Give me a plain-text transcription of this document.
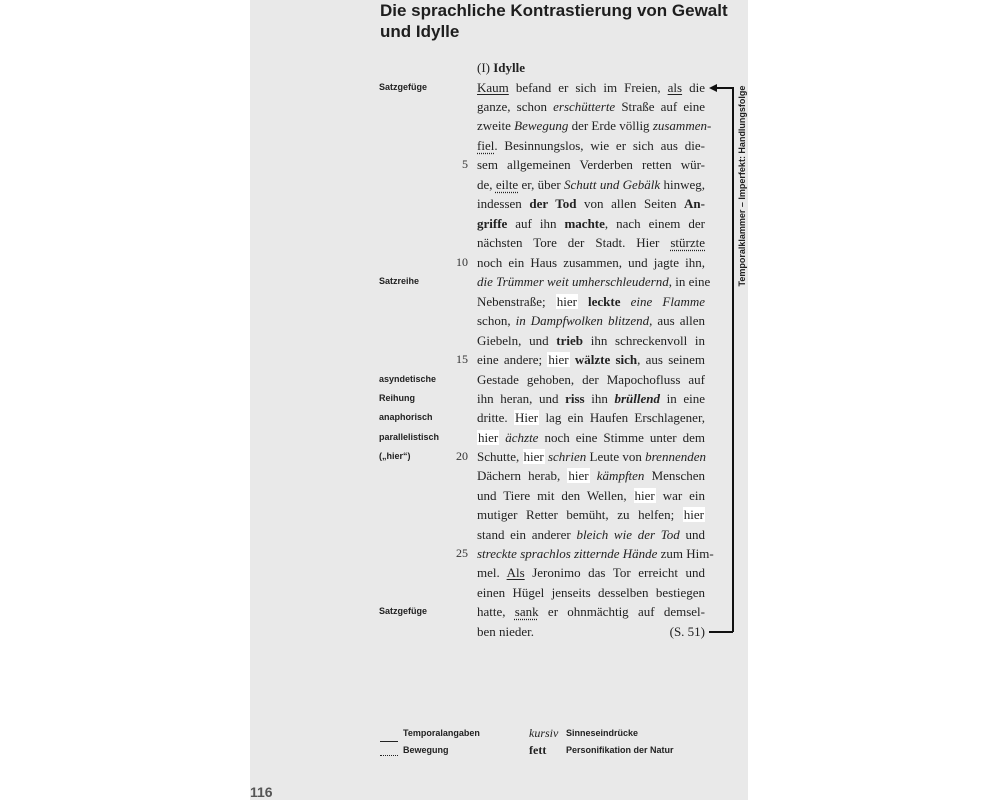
Die sprachliche Kontrastierung von Gewalt und Idylle
(I) Idylle
Kaum befand er sich im Freien, als die
ganze, schon erschütterte Straße auf eine
zweite Bewegung der Erde völlig zusammen-
fiel. Besinnungslos, wie er sich aus die-
sem allgemeinen Verderben retten wür-
de, eilte er, über Schutt und Gebälk hinweg,
indessen der Tod von allen Seiten An-
griffe auf ihn machte, nach einem der
nächsten Tore der Stadt. Hier stürzte
noch ein Haus zusammen, und jagte ihn,
die Trümmer weit umherschleudernd, in eine
Nebenstraße; hier leckte eine Flamme
schon, in Dampfwolken blitzend, aus allen
Giebeln, und trieb ihn schreckenvoll in
eine andere; hier wälzte sich, aus seinem
Gestade gehoben, der Mapochofluss auf
ihn heran, und riss ihn brüllend in eine
dritte. Hier lag ein Haufen Erschlagener,
hier ächzte noch eine Stimme unter dem
Schutte, hier schrien Leute von brennenden
Dächern herab, hier kämpften Menschen
und Tiere mit den Wellen, hier war ein
mutiger Retter bemüht, zu helfen; hier
stand ein anderer bleich wie der Tod und
streckte sprachlos zitternde Hände zum Him-
mel. Als Jeronimo das Tor erreicht und
einen Hügel jenseits desselben bestiegen
hatte, sank er ohnmächtig auf demsel-
ben nieder.	(S. 51)
5
10
15
20
25
Satzgefüge
Satzreihe
asyndetische
Reihung
anaphorisch
parallelistisch
(„hier“)
Satzgefüge
Temporalklammer – Imperfekt: Handlungsfolge
Temporalangaben
Bewegung
kursiv Sinneseindrücke
fett Personifikation der Natur
116
